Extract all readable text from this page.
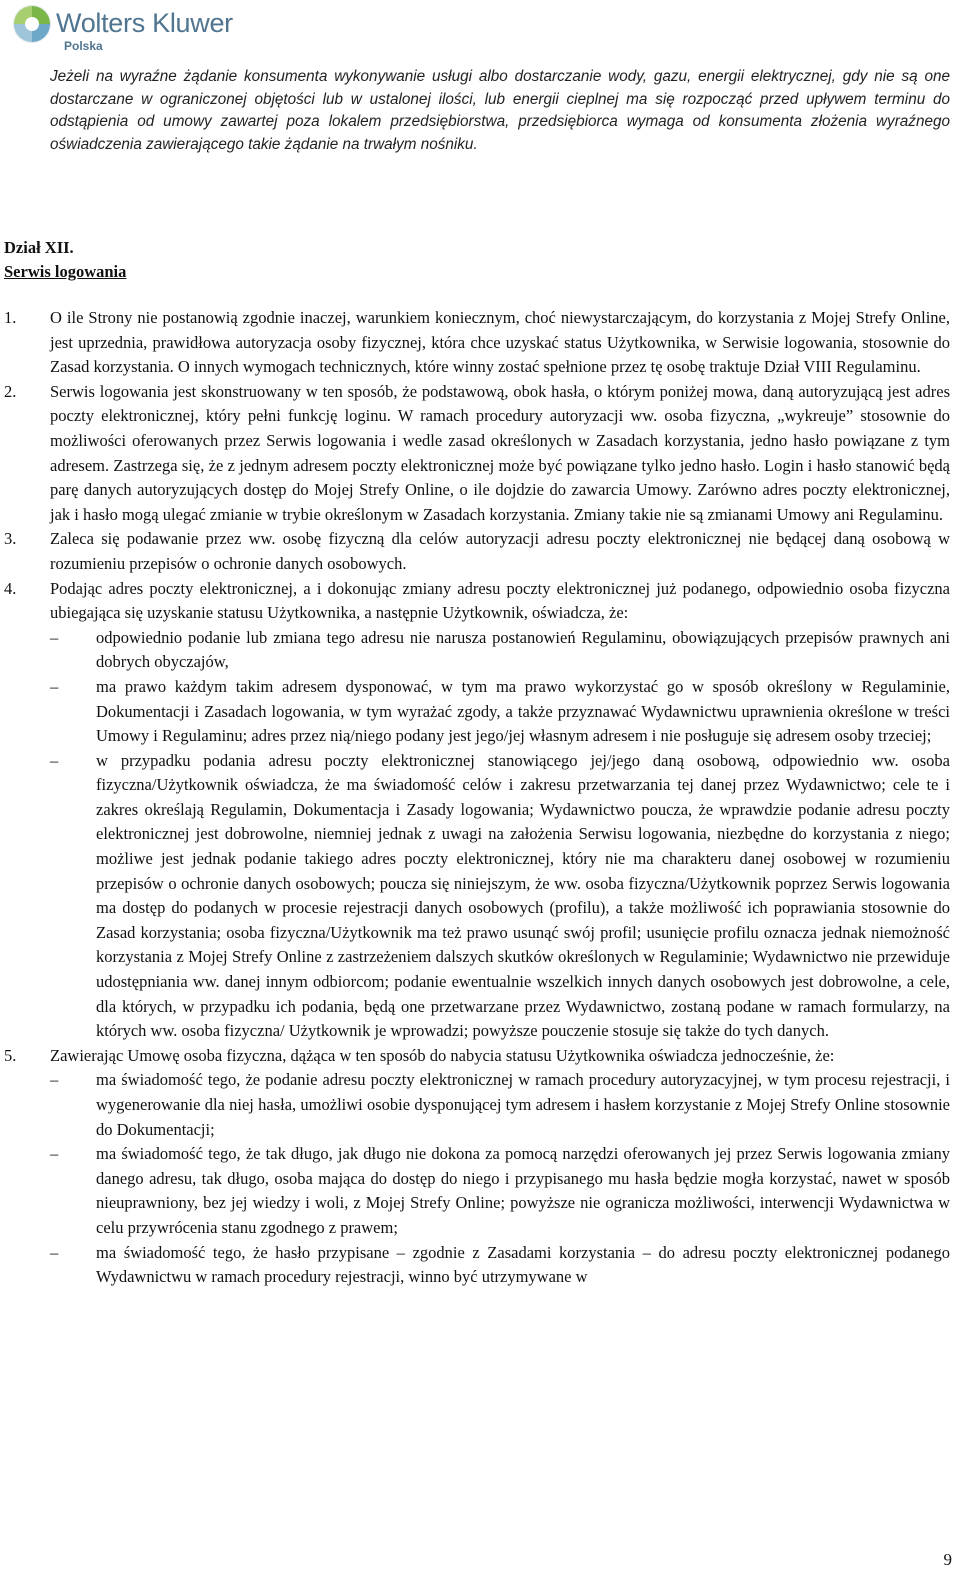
Wolters Kluwer
Polska
Jeżeli na wyraźne żądanie konsumenta wykonywanie usługi albo dostarczanie wody, gazu, energii elektrycznej, gdy nie są one dostarczane w ograniczonej objętości lub w ustalonej ilości, lub energii cieplnej ma się rozpocząć przed upływem terminu do odstąpienia od umowy zawartej poza lokalem przedsiębiorstwa, przedsiębiorca wymaga od konsumenta złożenia wyraźnego oświadczenia zawierającego takie żądanie na trwałym nośniku.
Dział XII.
Serwis logowania
1.	O ile Strony nie postanowią zgodnie inaczej, warunkiem koniecznym, choć niewystarczającym, do korzystania z Mojej Strefy Online, jest uprzednia, prawidłowa autoryzacja osoby fizycznej, która chce uzyskać status Użytkownika, w Serwisie logowania, stosownie do Zasad korzystania. O innych wymogach technicznych, które winny zostać spełnione przez tę osobę traktuje Dział VIII Regulaminu.
2.	Serwis logowania jest skonstruowany w ten sposób, że podstawową, obok hasła, o którym poniżej mowa, daną autoryzującą jest adres poczty elektronicznej, który pełni funkcję loginu. W ramach procedury autoryzacji ww. osoba fizyczna, „wykreuje” stosownie do możliwości oferowanych przez Serwis logowania i wedle zasad określonych w Zasadach korzystania, jedno hasło powiązane z tym adresem. Zastrzega się, że z jednym adresem poczty elektronicznej może być powiązane tylko jedno hasło. Login i hasło stanowić będą parę danych autoryzujących dostęp do Mojej Strefy Online, o ile dojdzie do zawarcia Umowy. Zarówno adres poczty elektronicznej, jak i hasło mogą ulegać zmianie w trybie określonym w Zasadach korzystania. Zmiany takie nie są zmianami Umowy ani Regulaminu.
3.	Zaleca się podawanie przez ww. osobę fizyczną dla celów autoryzacji adresu poczty elektronicznej nie będącej daną osobową w rozumieniu przepisów o ochronie danych osobowych.
4.	Podając adres poczty elektronicznej, a i dokonując zmiany adresu poczty elektronicznej już podanego, odpowiednio osoba fizyczna ubiegająca się uzyskanie statusu Użytkownika, a następnie Użytkownik, oświadcza, że:
–	odpowiednio podanie lub zmiana tego adresu nie narusza postanowień Regulaminu, obowiązujących przepisów prawnych ani dobrych obyczajów,
–	ma prawo każdym takim adresem dysponować, w tym ma prawo wykorzystać go w sposób określony w Regulaminie, Dokumentacji i Zasadach logowania, w tym wyrażać zgody, a także przyznawać Wydawnictwu uprawnienia określone w treści Umowy i Regulaminu; adres przez nią/niego podany jest jego/jej własnym adresem i nie posługuje się adresem osoby trzeciej;
–	w przypadku podania adresu poczty elektronicznej stanowiącego jej/jego daną osobową, odpowiednio ww. osoba fizyczna/Użytkownik oświadcza, że ma świadomość celów i zakresu przetwarzania tej danej przez Wydawnictwo; cele te i zakres określają Regulamin, Dokumentacja i Zasady logowania; Wydawnictwo poucza, że wprawdzie podanie adresu poczty elektronicznej jest dobrowolne, niemniej jednak z uwagi na założenia Serwisu logowania, niezbędne do korzystania z niego; możliwe jest jednak podanie takiego adres poczty elektronicznej, który nie ma charakteru danej osobowej w rozumieniu przepisów o ochronie danych osobowych; poucza się niniejszym, że ww. osoba fizyczna/Użytkownik poprzez Serwis logowania ma dostęp do podanych w procesie rejestracji danych osobowych (profilu), a także możliwość ich poprawiania stosownie do Zasad korzystania; osoba fizyczna/Użytkownik ma też prawo usunąć swój profil; usunięcie profilu oznacza jednak niemożność korzystania z Mojej Strefy Online z zastrzeżeniem dalszych skutków określonych w Regulaminie; Wydawnictwo nie przewiduje udostępniania ww. danej innym odbiorcom; podanie ewentualnie wszelkich innych danych osobowych jest dobrowolne, a cele, dla których, w przypadku ich podania, będą one przetwarzane przez Wydawnictwo, zostaną podane w ramach formularzy, na których ww. osoba fizyczna/ Użytkownik je wprowadzi; powyższe pouczenie stosuje się także do tych danych.
5.	Zawierając Umowę osoba fizyczna, dążąca w ten sposób do nabycia statusu Użytkownika oświadcza jednocześnie, że:
–	ma świadomość tego, że podanie adresu poczty elektronicznej w ramach procedury autoryzacyjnej, w tym procesu rejestracji, i wygenerowanie dla niej hasła, umożliwi osobie dysponującej tym adresem i hasłem korzystanie z Mojej Strefy Online stosownie do Dokumentacji;
–	ma świadomość tego, że tak długo, jak długo nie dokona za pomocą narzędzi oferowanych jej przez Serwis logowania zmiany danego adresu, tak długo, osoba mająca do dostęp do niego i przypisanego mu hasła będzie mogła korzystać, nawet w sposób nieuprawniony, bez jej wiedzy i woli, z Mojej Strefy Online; powyższe nie ogranicza możliwości, interwencji Wydawnictwa w celu przywrócenia stanu zgodnego z prawem;
–	ma świadomość tego, że hasło przypisane – zgodnie z Zasadami korzystania – do adresu poczty elektronicznej podanego Wydawnictwu w ramach procedury rejestracji, winno być utrzymywane w
9
